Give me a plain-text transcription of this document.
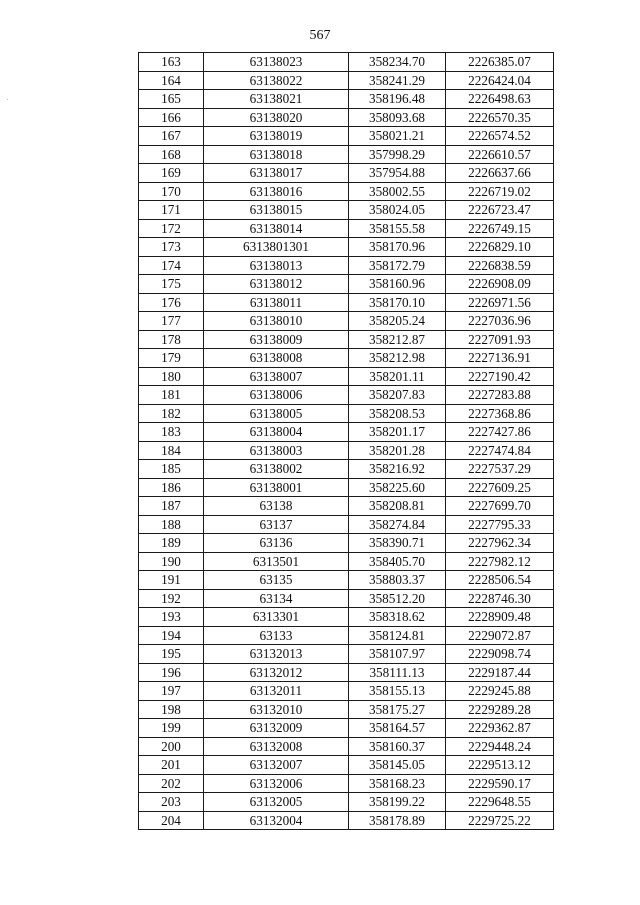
567
163	63138023	358234.70	2226385.07
164	63138022	358241.29	2226424.04
165	63138021	358196.48	2226498.63
166	63138020	358093.68	2226570.35
167	63138019	358021.21	2226574.52
168	63138018	357998.29	2226610.57
169	63138017	357954.88	2226637.66
170	63138016	358002.55	2226719.02
171	63138015	358024.05	2226723.47
172	63138014	358155.58	2226749.15
173	6313801301	358170.96	2226829.10
174	63138013	358172.79	2226838.59
175	63138012	358160.96	2226908.09
176	63138011	358170.10	2226971.56
177	63138010	358205.24	2227036.96
178	63138009	358212.87	2227091.93
179	63138008	358212.98	2227136.91
180	63138007	358201.11	2227190.42
181	63138006	358207.83	2227283.88
182	63138005	358208.53	2227368.86
183	63138004	358201.17	2227427.86
184	63138003	358201.28	2227474.84
185	63138002	358216.92	2227537.29
186	63138001	358225.60	2227609.25
187	63138	358208.81	2227699.70
188	63137	358274.84	2227795.33
189	63136	358390.71	2227962.34
190	6313501	358405.70	2227982.12
191	63135	358803.37	2228506.54
192	63134	358512.20	2228746.30
193	6313301	358318.62	2228909.48
194	63133	358124.81	2229072.87
195	63132013	358107.97	2229098.74
196	63132012	358111.13	2229187.44
197	63132011	358155.13	2229245.88
198	63132010	358175.27	2229289.28
199	63132009	358164.57	2229362.87
200	63132008	358160.37	2229448.24
201	63132007	358145.05	2229513.12
202	63132006	358168.23	2229590.17
203	63132005	358199.22	2229648.55
204	63132004	358178.89	2229725.22
